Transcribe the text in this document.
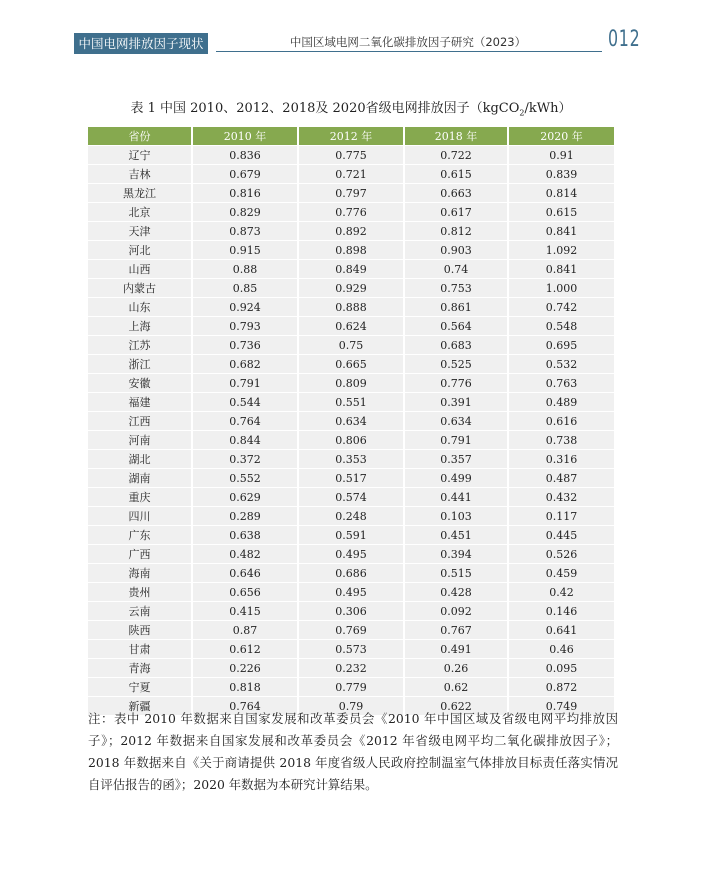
中国电网排放因子现状	中国区域电网二氧化碳排放因子研究（2023）	012
表 1 中国 2010、2012、2018及 2020省级电网排放因子（kgCO$_2$/kWh）
省份	2010 年	2012 年	2018 年	2020 年
辽宁	0.836	0.775	0.722	0.91
吉林	0.679	0.721	0.615	0.839
黑龙江	0.816	0.797	0.663	0.814
北京	0.829	0.776	0.617	0.615
天津	0.873	0.892	0.812	0.841
河北	0.915	0.898	0.903	1.092
山西	0.88	0.849	0.74	0.841
内蒙古	0.85	0.929	0.753	1.000
山东	0.924	0.888	0.861	0.742
上海	0.793	0.624	0.564	0.548
江苏	0.736	0.75	0.683	0.695
浙江	0.682	0.665	0.525	0.532
安徽	0.791	0.809	0.776	0.763
福建	0.544	0.551	0.391	0.489
江西	0.764	0.634	0.634	0.616
河南	0.844	0.806	0.791	0.738
湖北	0.372	0.353	0.357	0.316
湖南	0.552	0.517	0.499	0.487
重庆	0.629	0.574	0.441	0.432
四川	0.289	0.248	0.103	0.117
广东	0.638	0.591	0.451	0.445
广西	0.482	0.495	0.394	0.526
海南	0.646	0.686	0.515	0.459
贵州	0.656	0.495	0.428	0.42
云南	0.415	0.306	0.092	0.146
陕西	0.87	0.769	0.767	0.641
甘肃	0.612	0.573	0.491	0.46
青海	0.226	0.232	0.26	0.095
宁夏	0.818	0.779	0.62	0.872
新疆	0.764	0.79	0.622	0.749
注：表中 2010 年数据来自国家发展和改革委员会《2010 年中国区域及省级电网平均排放因子》；2012 年数据来自国家发展和改革委员会《2012 年省级电网平均二氧化碳排放因子》；2018 年数据来自《关于商请提供 2018 年度省级人民政府控制温室气体排放目标责任落实情况自评估报告的函》；2020 年数据为本研究计算结果。
